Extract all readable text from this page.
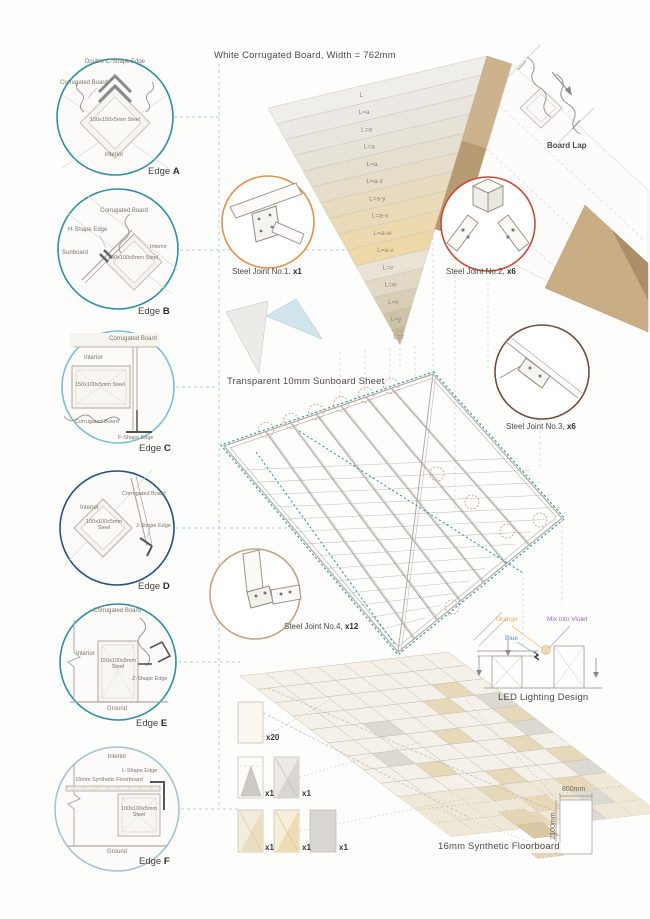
L
L=a
L=a
L=a
L=a
L=a-z
L=a-y
L=a-x
L=a-w
L=a-v
L=v
L=w
L=x
L=y
L=z
White Corrugated Board, Width = 762mm
Board Lap
Transparent 10mm Sunboard Sheet
Steel Joint No.1, x1	Steel Joint No.2, x6
Steel Joint No.3, x6
Steel Joint No.4, x12
Double C-Shape Edge
Corrugated Board
150x150x5mm Steel
Interior
Edge A
Corrugated Board
H-Shape Edge
Sunboard
Interior
100x100x5mm Steel
Edge B
Corrugated Board
Interior
150x100x5mm Steel
Corrugated Board
F-Shape Edge
Edge C
Corrugated Board
Interior
100x100x5mm Steel	J-Shape Edge
Edge D
Corrugated Board
Interior
150x100x5mm Steel
Z-Shape Edge
Ground
Edge E
Interior
L-Shape Edge
16mm Synthetic Floorboard
100x100x5mm Steel
Ground
Edge F
Orange	Mix into Violet
Blue
LED Lighting Design
16mm Synthetic Floorboard
800mm
2100mm
x20
x1	x1
x1	x1	x1
